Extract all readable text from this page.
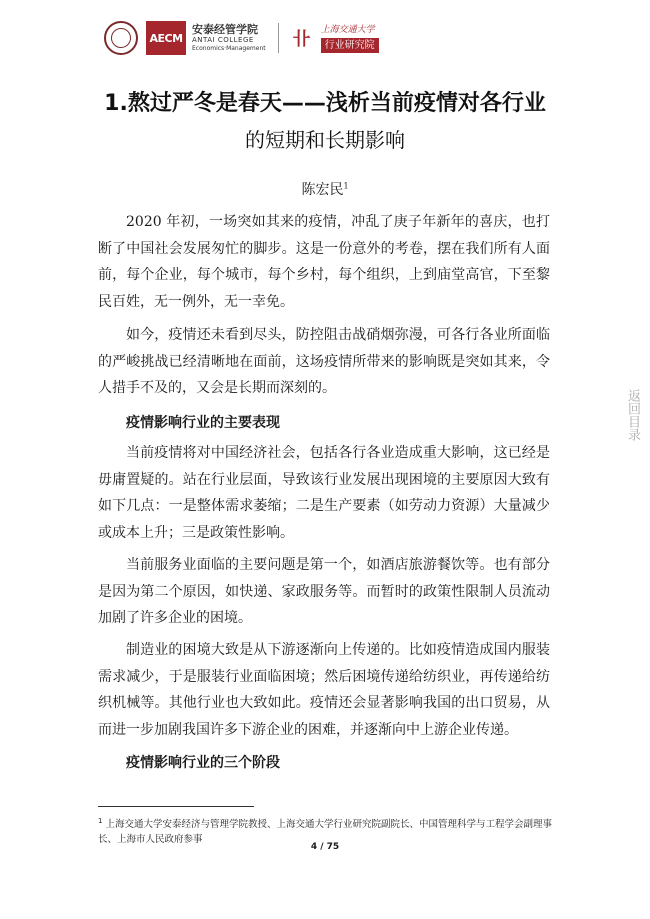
AECM
安泰经管学院
ANTAI COLLEGE
Economics·Management 卝 上海交通大学
行业研究院
1.熬过严冬是春天——浅析当前疫情对各行业
的短期和长期影响
陈宏民$^1$

2020 年初，一场突如其来的疫情，冲乱了庚子年新年的喜庆，也打断了中国社会发展匆忙的脚步。这是一份意外的考卷，摆在我们所有人面前，每个企业，每个城市，每个乡村，每个组织，上到庙堂高官，下至黎民百姓，无一例外，无一幸免。

如今，疫情还未看到尽头，防控阻击战硝烟弥漫，可各行各业所面临的严峻挑战已经清晰地在面前，这场疫情所带来的影响既是突如其来，令人措手不及的，又会是长期而深刻的。

疫情影响行业的主要表现

当前疫情将对中国经济社会，包括各行各业造成重大影响，这已经是毋庸置疑的。站在行业层面，导致该行业发展出现困境的主要原因大致有如下几点：一是整体需求萎缩；二是生产要素（如劳动力资源）大量减少或成本上升；三是政策性影响。

当前服务业面临的主要问题是第一个，如酒店旅游餐饮等。也有部分是因为第二个原因，如快递、家政服务等。而暂时的政策性限制人员流动加剧了许多企业的困境。

制造业的困境大致是从下游逐渐向上传递的。比如疫情造成国内服装需求减少，于是服装行业面临困境；然后困境传递给纺织业，再传递给纺织机械等。其他行业也大致如此。疫情还会显著影响我国的出口贸易，从而进一步加剧我国许多下游企业的困难，并逐渐向中上游企业传递。

疫情影响行业的三个阶段

返回目录
$^1$ 上海交通大学安泰经济与管理学院教授、上海交通大学行业研究院副院长、中国管理科学与工程学会副理事长、上海市人民政府参事
4 / 75
